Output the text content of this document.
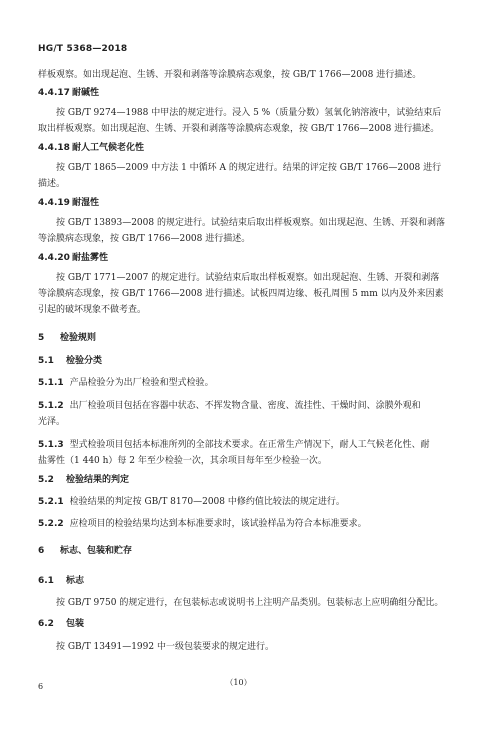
HG/T 5368—2018
样板观察。如出现起泡、生锈、开裂和剥落等涂膜病态观象，按 GB/T 1766—2008 进行描述。
4.4.17 耐碱性
按 GB/T 9274—1988 中甲法的规定进行。浸入 5 %（质量分数）氢氧化钠溶液中，试验结束后
取出样板观察。如出现起泡、生锈、开裂和剥落等涂膜病态观象，按 GB/T 1766—2008 进行描述。
4.4.18 耐人工气候老化性
按 GB/T 1865—2009 中方法 1 中循环 A 的规定进行。结果的评定按 GB/T 1766—2008 进行
描述。
4.4.19 耐湿性
按 GB/T 13893—2008 的规定进行。试验结束后取出样板观察。如出现起泡、生锈、开裂和剥落
等涂膜病态现象，按 GB/T 1766—2008 进行描述。
4.4.20 耐盐雾性
按 GB/T 1771—2007 的规定进行。试验结束后取出样板观察。如出现起泡、生锈、开裂和剥落
等涂膜病态现象，按 GB/T 1766—2008 进行描述。试板四周边缘、板孔周围 5 mm 以内及外来因素
引起的破坏现象不做考查。
5 检验规则
5.1 检验分类
5.1.1 产品检验分为出厂检验和型式检验。
5.1.2 出厂检验项目包括在容器中状态、不挥发物含量、密度、流挂性、干燥时间、涂膜外观和
光泽。
5.1.3 型式检验项目包括本标准所列的全部技术要求。在正常生产情况下，耐人工气候老化性、耐
盐雾性（1 440 h）每 2 年至少检验一次，其余项目每年至少检验一次。
5.2 检验结果的判定
5.2.1 检验结果的判定按 GB/T 8170—2008 中修约值比较法的规定进行。
5.2.2 应检项目的检验结果均达到本标准要求时，该试验样品为符合本标准要求。
6 标志、包装和贮存
6.1 标志
按 GB/T 9750 的规定进行，在包装标志或说明书上注明产品类别。包装标志上应明确组分配比。
6.2 包装
按 GB/T 13491—1992 中一级包装要求的规定进行。
6	（10）
